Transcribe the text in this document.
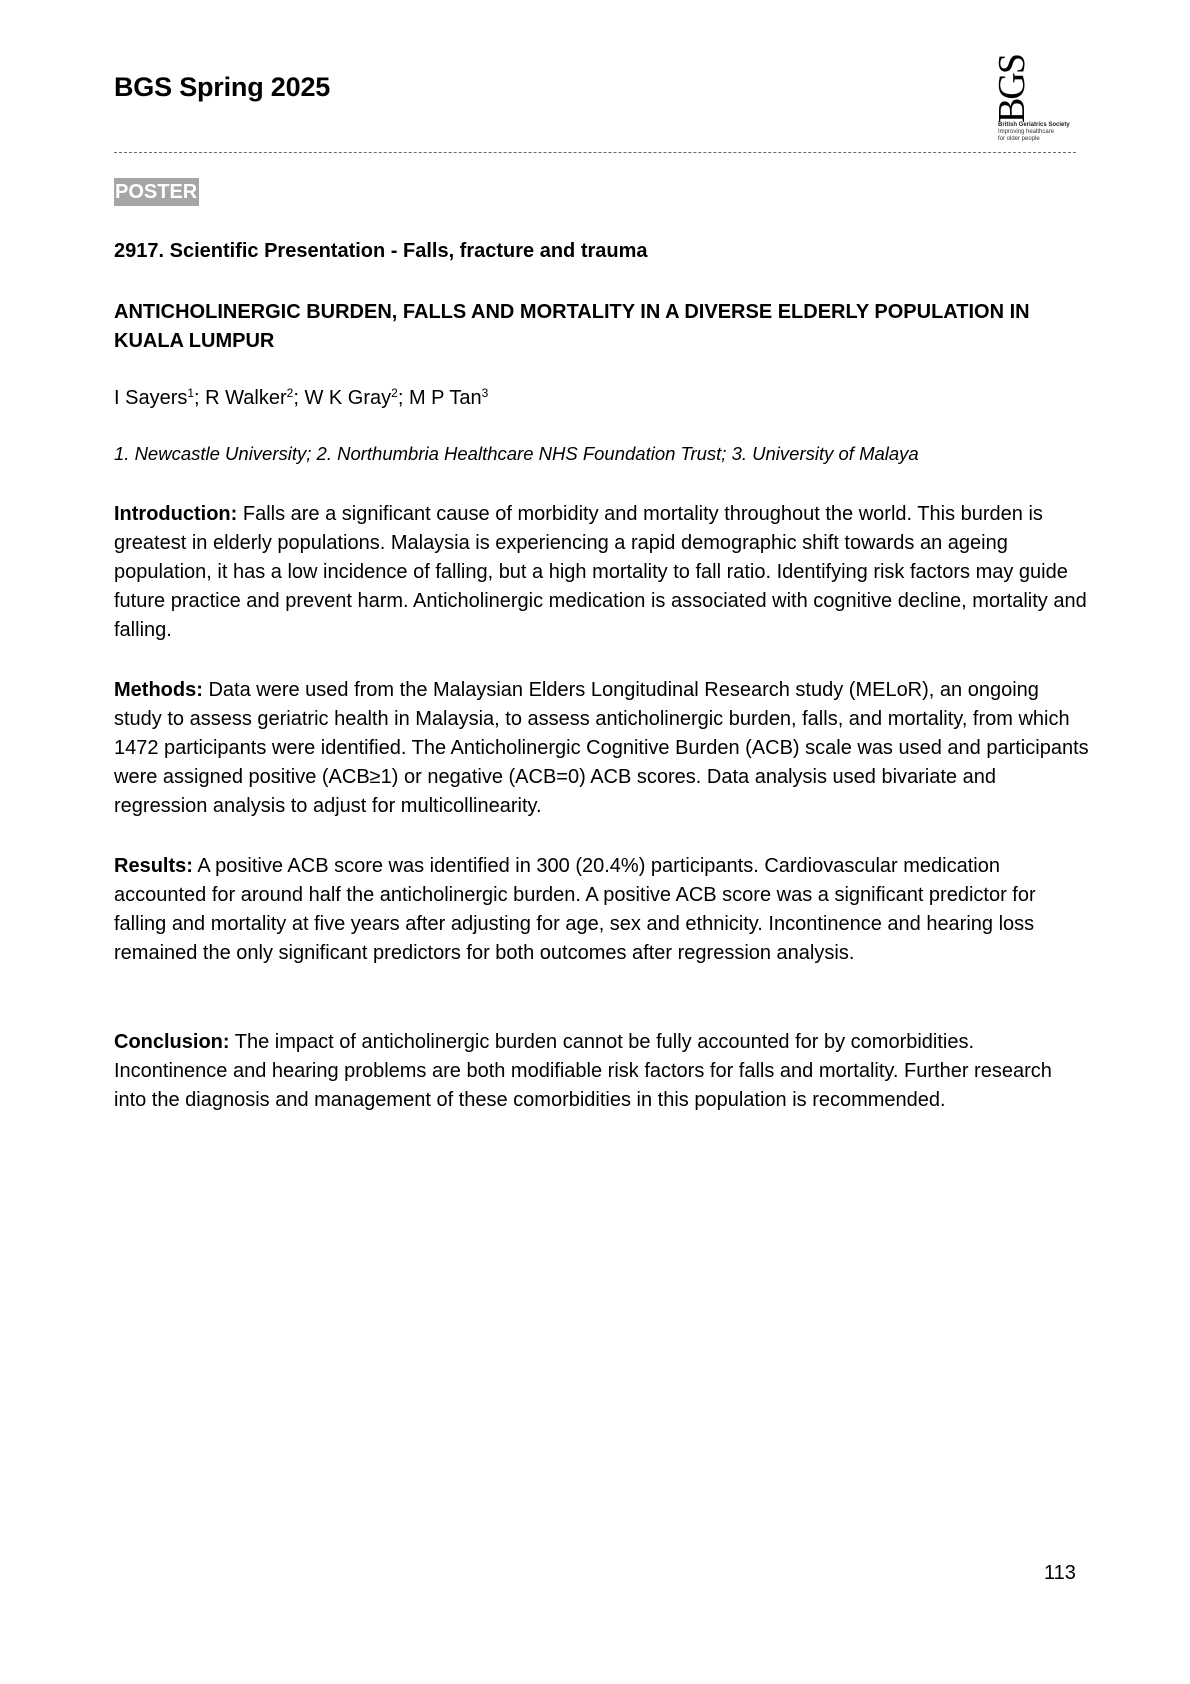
BGS Spring 2025	BGS
British Geriatrics Society
Improving healthcare
for older people
POSTER
2917. Scientific Presentation - Falls, fracture and trauma
ANTICHOLINERGIC BURDEN, FALLS AND MORTALITY IN A DIVERSE ELDERLY POPULATION IN KUALA LUMPUR
I Sayers$^1$; R Walker$^2$; W K Gray$^2$; M P Tan$^3$
1. Newcastle University; 2. Northumbria Healthcare NHS Foundation Trust; 3. University of Malaya
Introduction: Falls are a significant cause of morbidity and mortality throughout the world. This burden is greatest in elderly populations. Malaysia is experiencing a rapid demographic shift towards an ageing population, it has a low incidence of falling, but a high mortality to fall ratio. Identifying risk factors may guide future practice and prevent harm. Anticholinergic medication is associated with cognitive decline, mortality and falling.
Methods: Data were used from the Malaysian Elders Longitudinal Research study (MELoR), an ongoing study to assess geriatric health in Malaysia, to assess anticholinergic burden, falls, and mortality, from which 1472 participants were identified. The Anticholinergic Cognitive Burden (ACB) scale was used and participants were assigned positive (ACB≥1) or negative (ACB=0) ACB scores. Data analysis used bivariate and regression analysis to adjust for multicollinearity.
Results: A positive ACB score was identified in 300 (20.4%) participants. Cardiovascular medication accounted for around half the anticholinergic burden. A positive ACB score was a significant predictor for falling and mortality at five years after adjusting for age, sex and ethnicity. Incontinence and hearing loss remained the only significant predictors for both outcomes after regression analysis.
Conclusion: The impact of anticholinergic burden cannot be fully accounted for by comorbidities. Incontinence and hearing problems are both modifiable risk factors for falls and mortality. Further research into the diagnosis and management of these comorbidities in this population is recommended.
113
